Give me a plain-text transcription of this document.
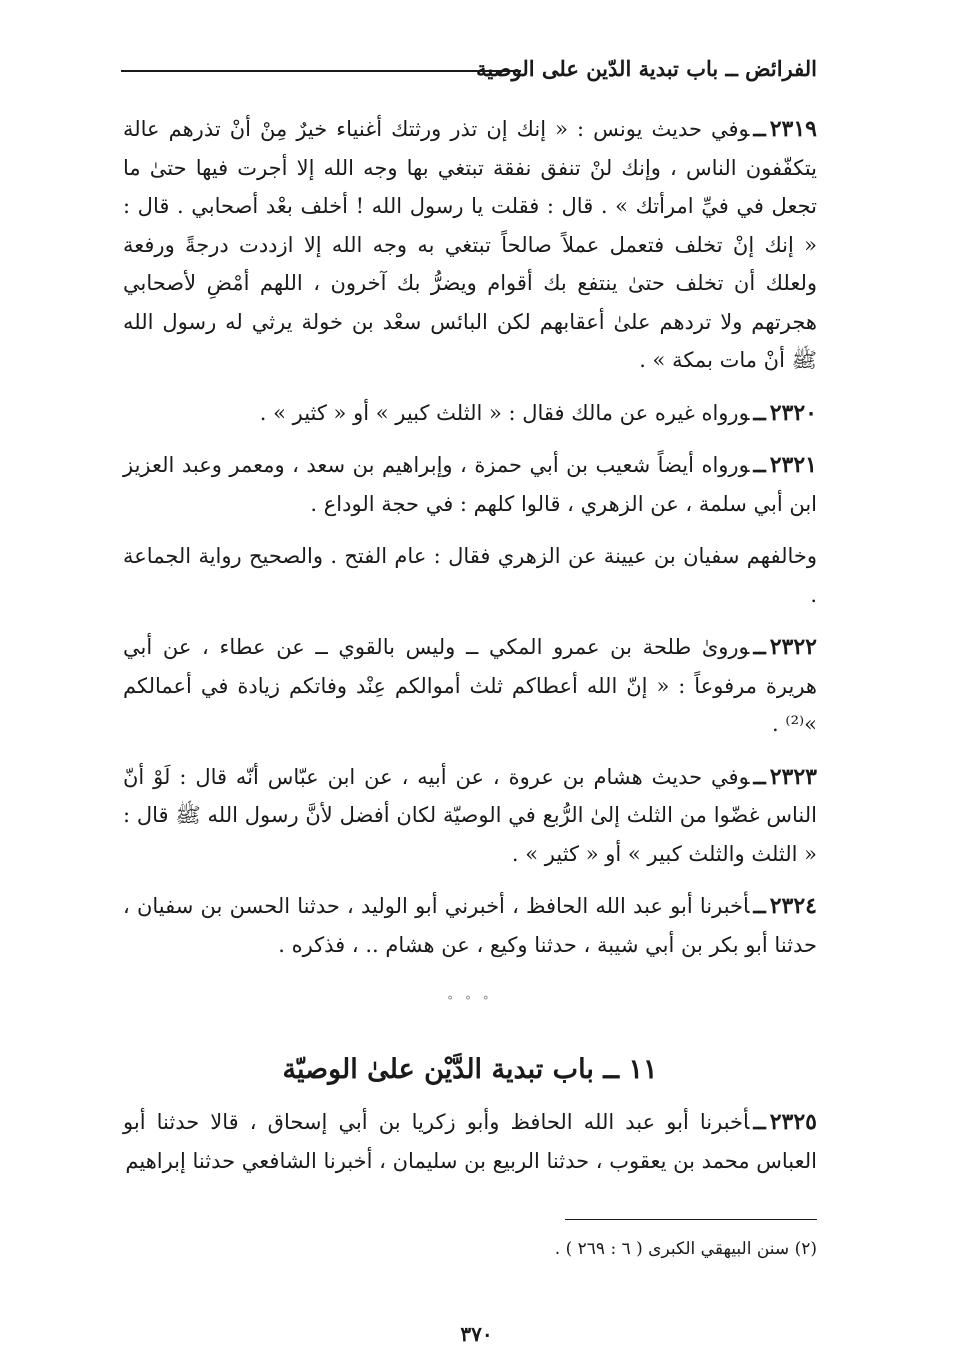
الفرائض ــ باب تبدية الدّين على الوصية

٢٣١٩ــوفي حديث يونس : « إنك إن تذر ورثتك أغنياء خيرٌ مِنْ أنْ تذرهم عالة يتكفّفون الناس ، وإنك لنْ تنفق نفقة تبتغي بها وجه الله إلا أجرت فيها حتىٰ ما تجعل في فيِّ امرأتك » . قال : فقلت يا رسول الله ! أخلف بعْد أصحابي . قال : « إنك إنْ تخلف فتعمل عملاً صالحاً تبتغي به وجه الله إلا ازددت درجةً ورفعة ولعلك أن تخلف حتىٰ ينتفع بك أقوام ويضرُّ بك آخرون ، اللهم أمْضِ لأصحابي هجرتهم ولا تردهم علىٰ أعقابهم لكن البائس سعْد بن خولة يرثي له رسول الله ﷺ أنْ مات بمكة » .

٢٣٢٠ــورواه غيره عن مالك فقال : « الثلث كبير » أو « كثير » .

٢٣٢١ــورواه أيضاً شعيب بن أبي حمزة ، وإبراهيم بن سعد ، ومعمر وعبد العزيز ابن أبي سلمة ، عن الزهري ، قالوا كلهم : في حجة الوداع .

وخالفهم سفيان بن عيينة عن الزهري فقال : عام الفتح . والصحيح رواية الجماعة .

٢٣٢٢ــوروىٰ طلحة بن عمرو المكي ــ وليس بالقوي ــ عن عطاء ، عن أبي هريرة مرفوعاً : « إنّ الله أعطاكم ثلث أموالكم عِنْد وفاتكم زيادة في أعمالكم »⁽²⁾ .

٢٣٢٣ــوفي حديث هشام بن عروة ، عن أبيه ، عن ابن عبّاس أنّه قال : لَوْ أنّ الناس غضّوا من الثلث إلىٰ الرُّبع في الوصيّة لكان أفضل لأنَّ رسول الله ﷺ قال : « الثلث والثلث كبير » أو « كثير » .

٢٣٢٤ــأخبرنا أبو عبد الله الحافظ ، أخبرني أبو الوليد ، حدثنا الحسن بن سفيان ، حدثنا أبو بكر بن أبي شيبة ، حدثنا وكيع ، عن هشام .. ، فذكره .

° ° °
١١ ــ باب تبدية الدَّيْن علىٰ الوصيّة

٢٣٢٥ــأخبرنا أبو عبد الله الحافظ وأبو زكريا بن أبي إسحاق ، قالا حدثنا أبو العباس محمد بن يعقوب ، حدثنا الربيع بن سليمان ، أخبرنا الشافعي حدثنا إبراهيم

(٢) سنن البيهقي الكبرى ( ٦ : ٢٦٩ ) .
٣٧٠
